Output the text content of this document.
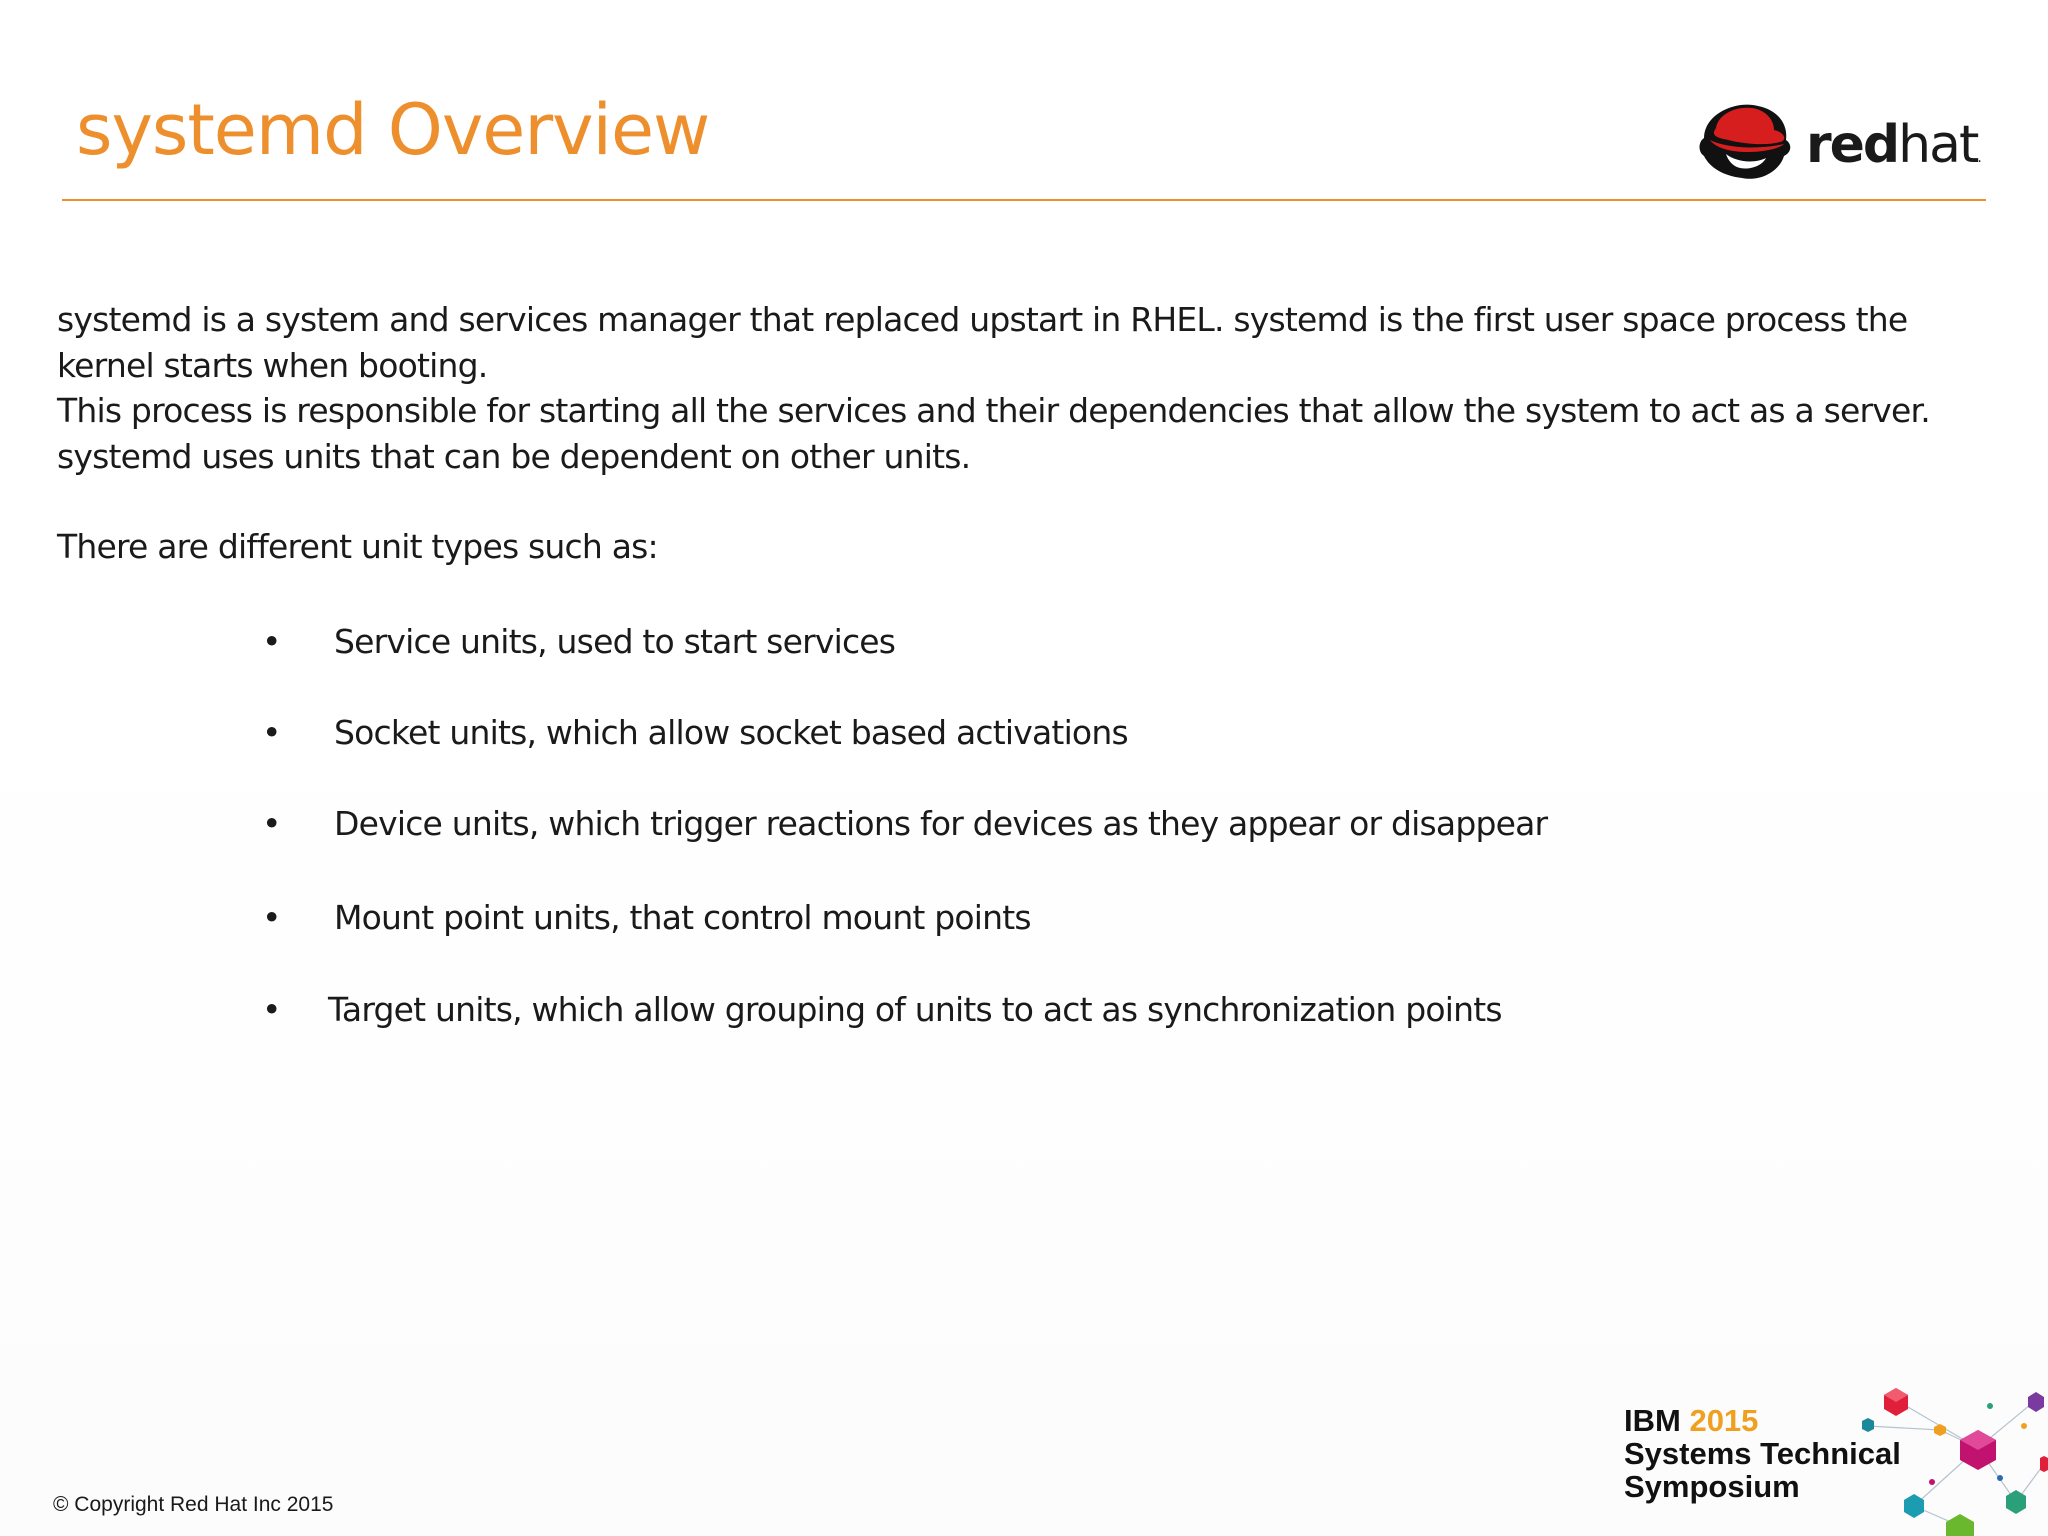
systemd Overview	redhat.

systemd is a system and services manager that replaced upstart in RHEL. systemd is the first user space process the

kernel starts when booting.

This process is responsible for starting all the services and their dependencies that allow the system to act as a server.

systemd uses units that can be dependent on other units.

There are different unit types such as:

• Service units, used to start services
• Socket units, which allow socket based activations
• Device units, which trigger reactions for devices as they appear or disappear
• Mount point units, that control mount points
• Target units, which allow grouping of units to act as synchronization points
© Copyright Red Hat Inc 2015
IBM 2015
Systems Technical
Symposium
